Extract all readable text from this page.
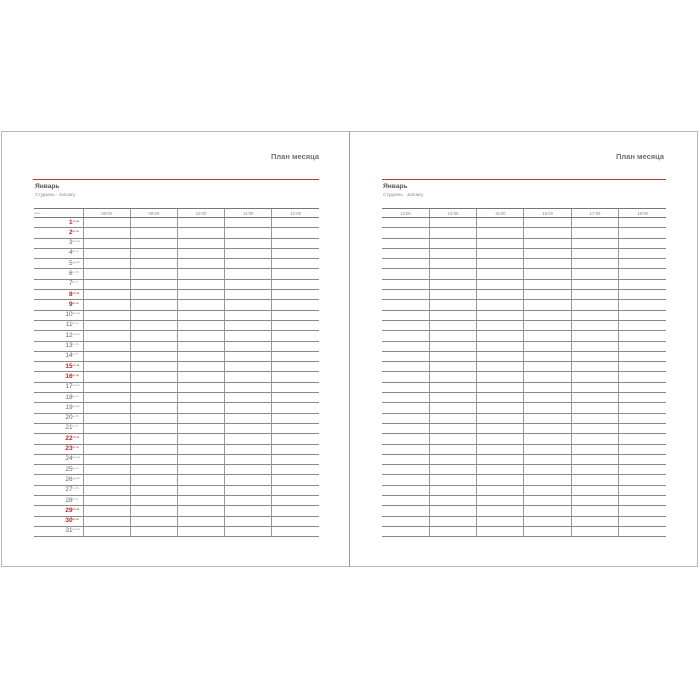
План месяца
Январь
Студзень · January
дата	08:00	09:00	10:00	11:00	12:00

1 сб sa					

2 вс su					

3 пн mo					

4 вт tu					

5 ср we					

6 чт th					

7 пт fr					

8 сб sa					

9 вс su					

10 пн mo					

11 вт tu					

12 ср we					

13 чт th					

14 пт fr					

15 сб sa					

16 вс su					

17 пн mo					

18 вт tu					

19 ср we					

20 чт th					

21 пт fr					

22 сб sa					

23 вс su					

24 пн mo					

25 вт tu					

26 ср we					

27 чт th					

28 пт fr					

29 сб sa					

30 вс su					

31 пн mo					

План месяца
Январь
Студзень · January
13:00	14:00	15:00	16:00	17:00	18:00
